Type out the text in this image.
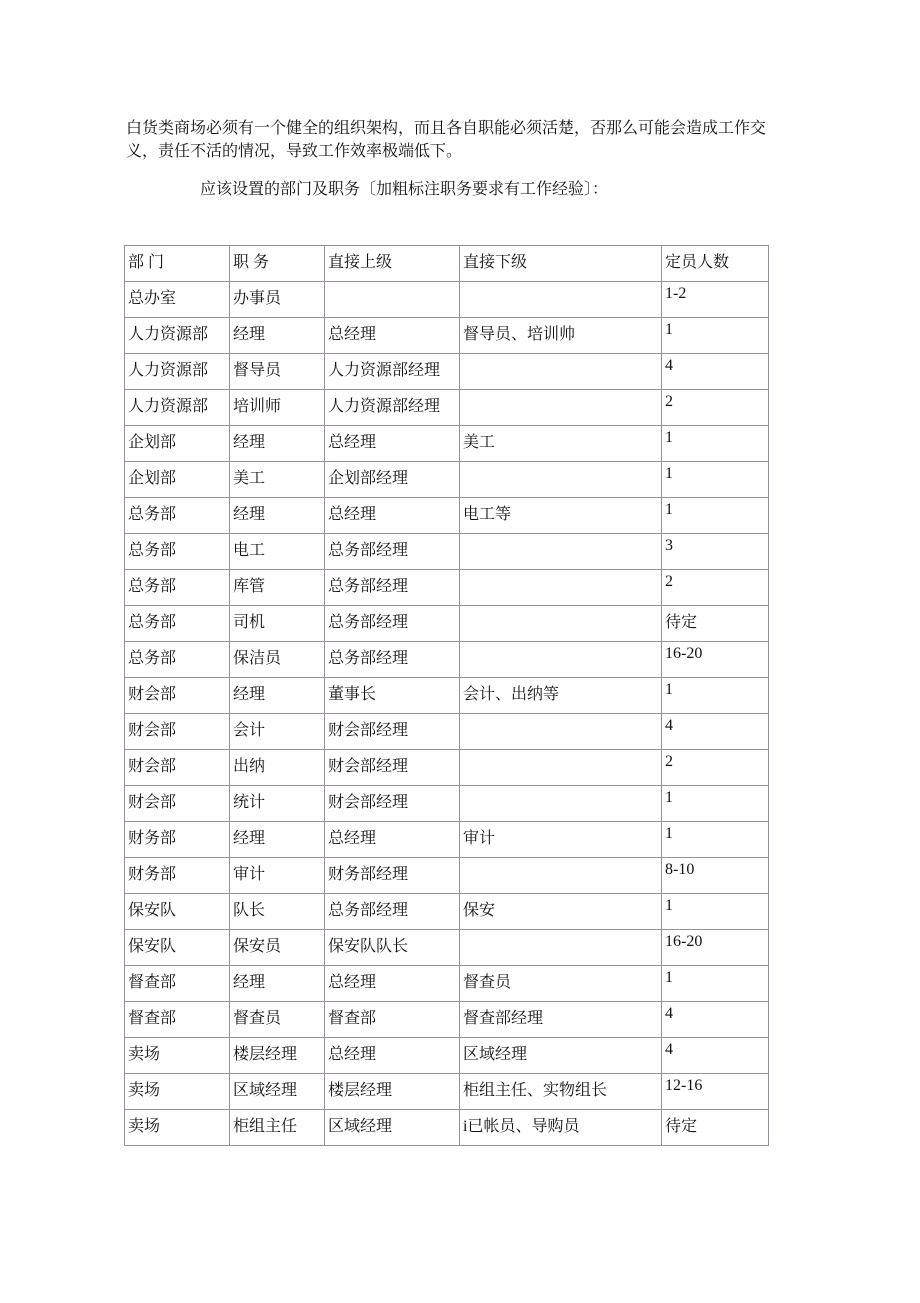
白货类商场必须有一个健全的组织架构，而且各自职能必须活楚，否那么可能会造成工作交义，责任不活的情况，导致工作效率极端低下。
应该设置的部门及职务〔加粗标注职务要求有工作经验〕：
部 门	职 务	直接上级	直接下级	定员人数
总办室	办事员			1-2
人力资源部	经理	总经理	督导员、培训帅	1
人力资源部	督导员	人力资源部经理		4
人力资源部	培训师	人力资源部经理		2
企划部	经理	总经理	美工	1
企划部	美工	企划部经理		1
总务部	经理	总经理	电工等	1
总务部	电工	总务部经理		3
总务部	库管	总务部经理		2
总务部	司机	总务部经理		待定
总务部	保洁员	总务部经理		16-20
财会部	经理	董事长	会计、出纳等	1
财会部	会计	财会部经理		4
财会部	出纳	财会部经理		2
财会部	统计	财会部经理		1
财务部	经理	总经理	审计	1
财务部	审计	财务部经理		8-10
保安队	队长	总务部经理	保安	1
保安队	保安员	保安队队长		16-20
督查部	经理	总经理	督查员	1
督查部	督查员	督查部	督查部经理	4
卖场	楼层经理	总经理	区域经理	4
卖场	区域经理	楼层经理	柜组主任、实物组长	12-16
卖场	柜组主任	区域经理	i已帐员、导购员	待定
